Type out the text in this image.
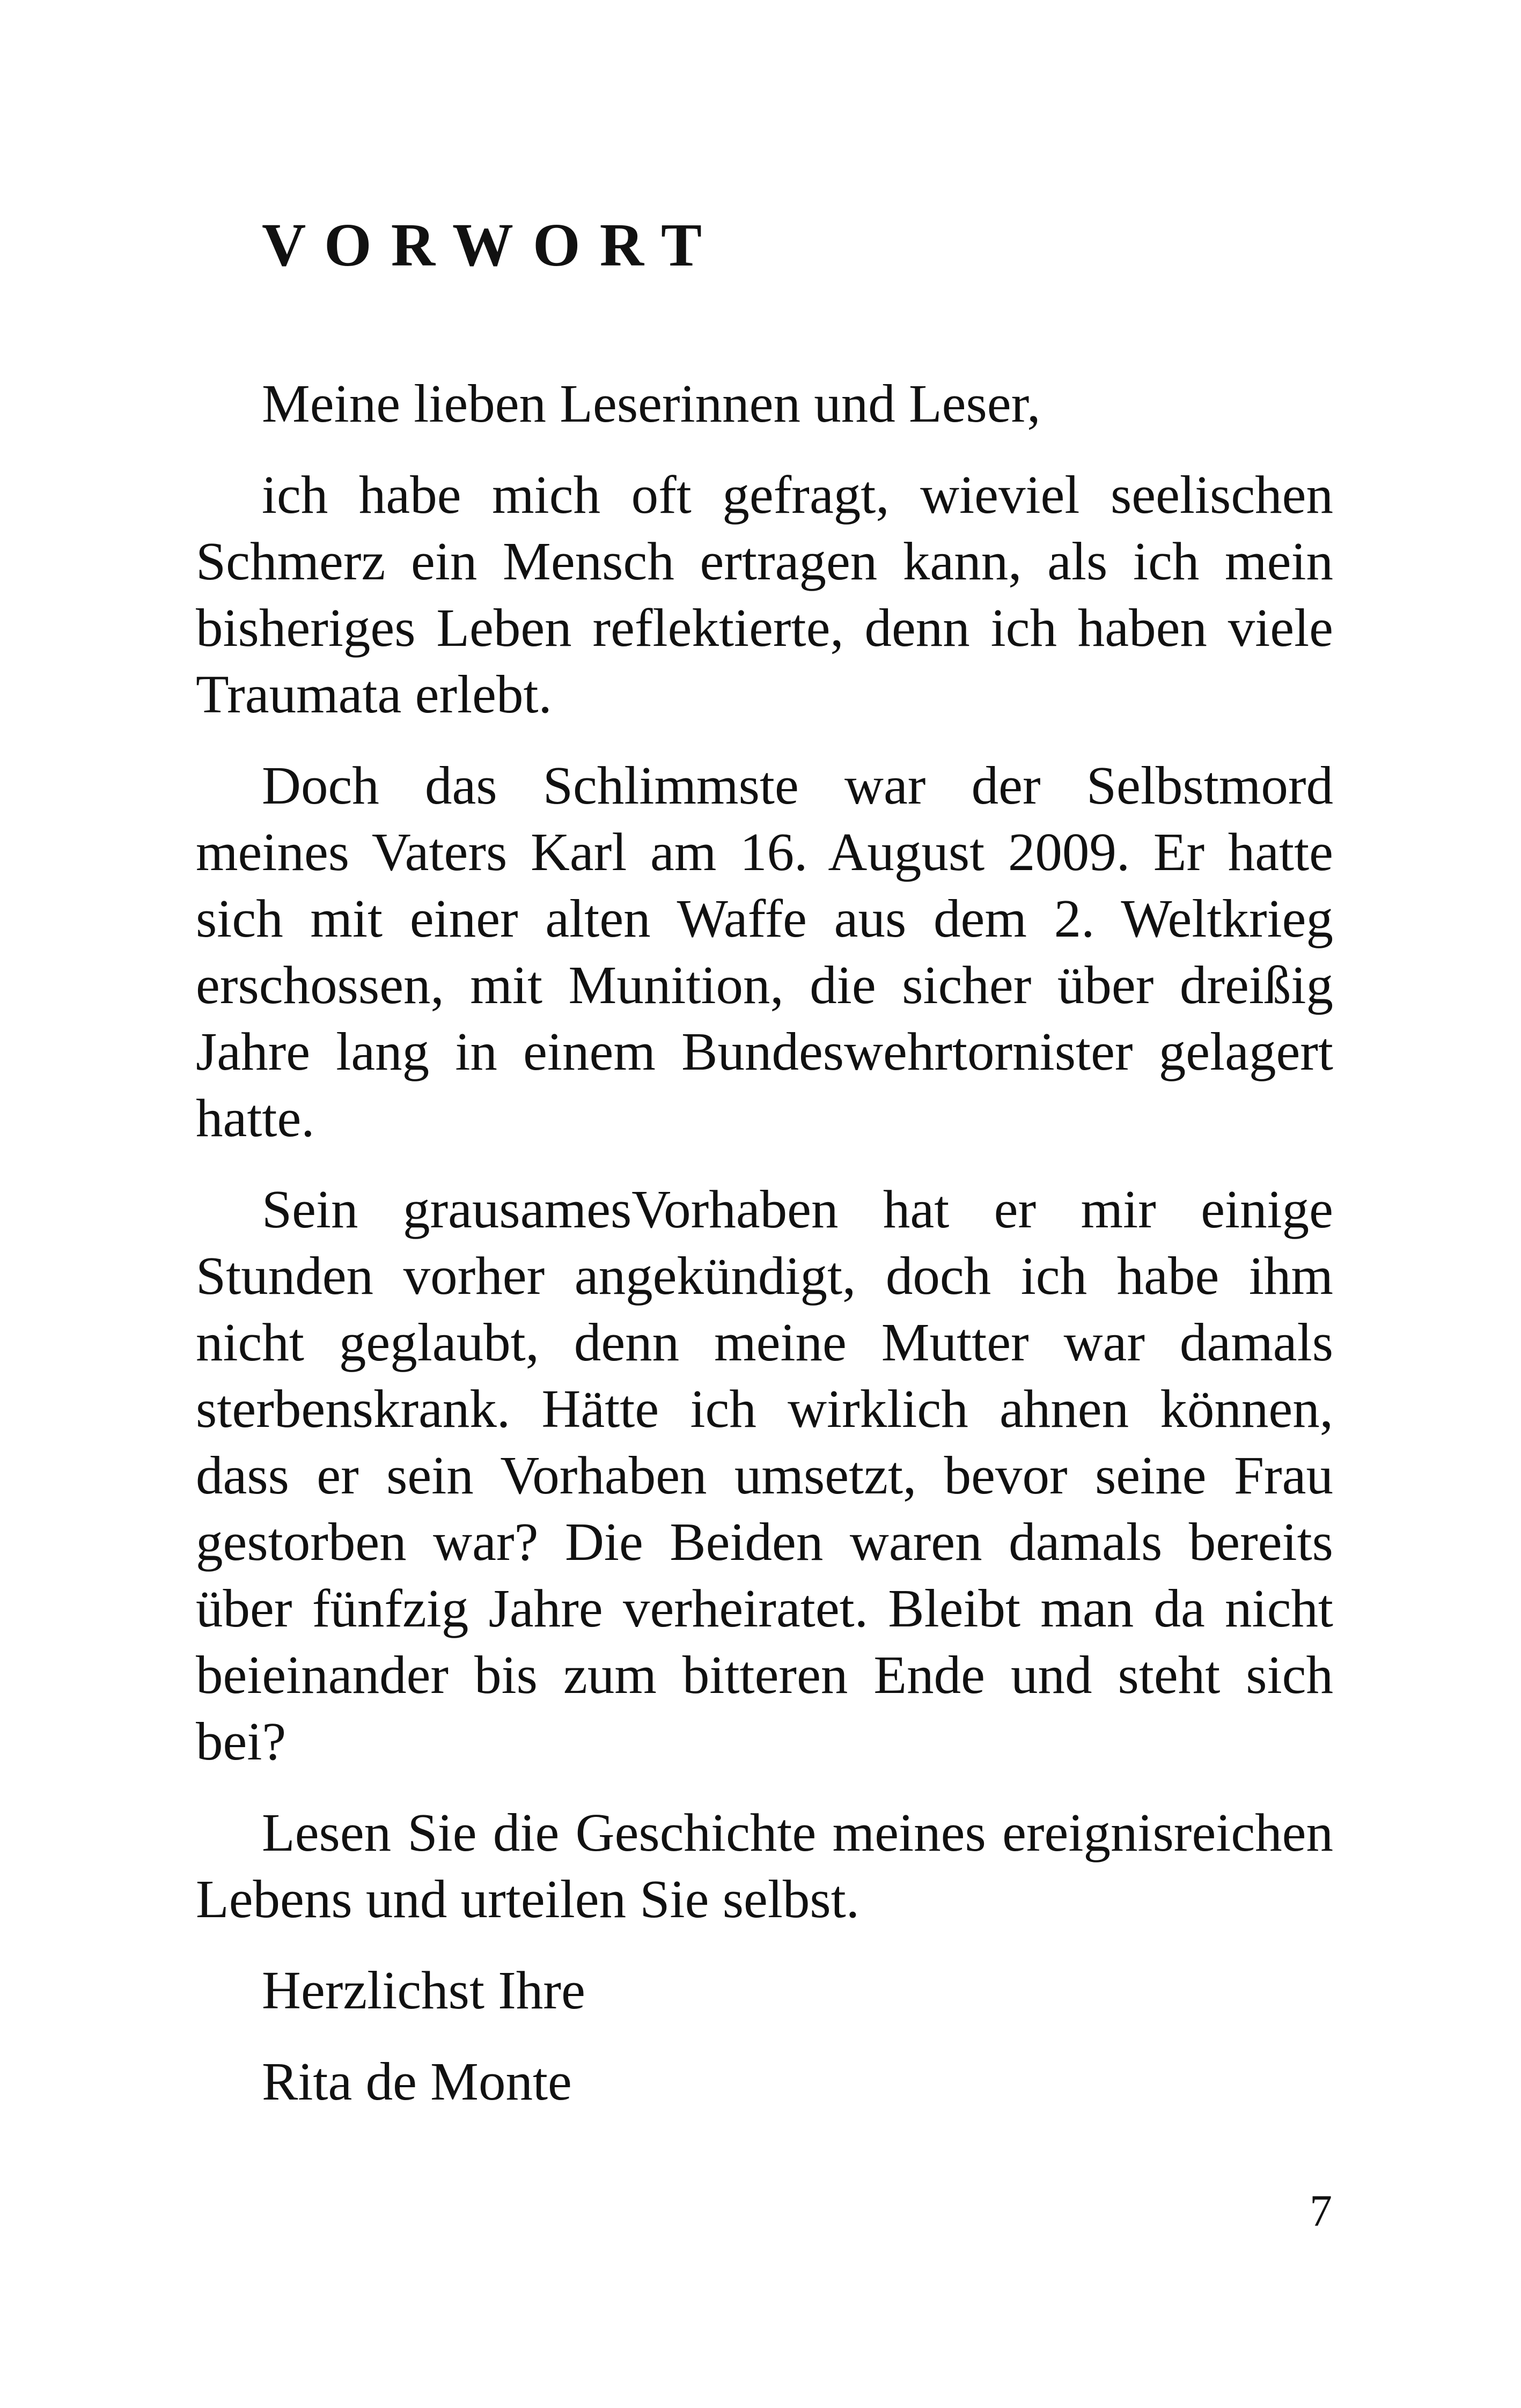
VORWORT

Meine lieben Leserinnen und Leser,

ich habe mich oft gefragt, wieviel seelischen Schmerz ein Mensch ertragen kann, als ich mein bisheriges Leben reflektierte, denn ich haben viele Traumata erlebt.

Doch das Schlimmste war der Selbstmord meines Vaters Karl am 16. August 2009. Er hatte sich mit einer alten Waffe aus dem 2. Weltkrieg erschossen, mit Munition, die sicher über dreißig Jahre lang in einem Bundeswehrtornister gelagert hatte.

Sein grausamesVorhaben hat er mir einige Stunden vorher angekündigt, doch ich habe ihm nicht geglaubt, denn meine Mutter war damals sterbenskrank. Hätte ich wirklich ahnen können, dass er sein Vorhaben umsetzt, bevor seine Frau gestorben war? Die Beiden waren damals bereits über fünfzig Jahre verheiratet. Bleibt man da nicht beieinander bis zum bitteren Ende und steht sich bei?

Lesen Sie die Geschichte meines ereignisreichen Lebens und urteilen Sie selbst.

Herzlichst Ihre

Rita de Monte

7
